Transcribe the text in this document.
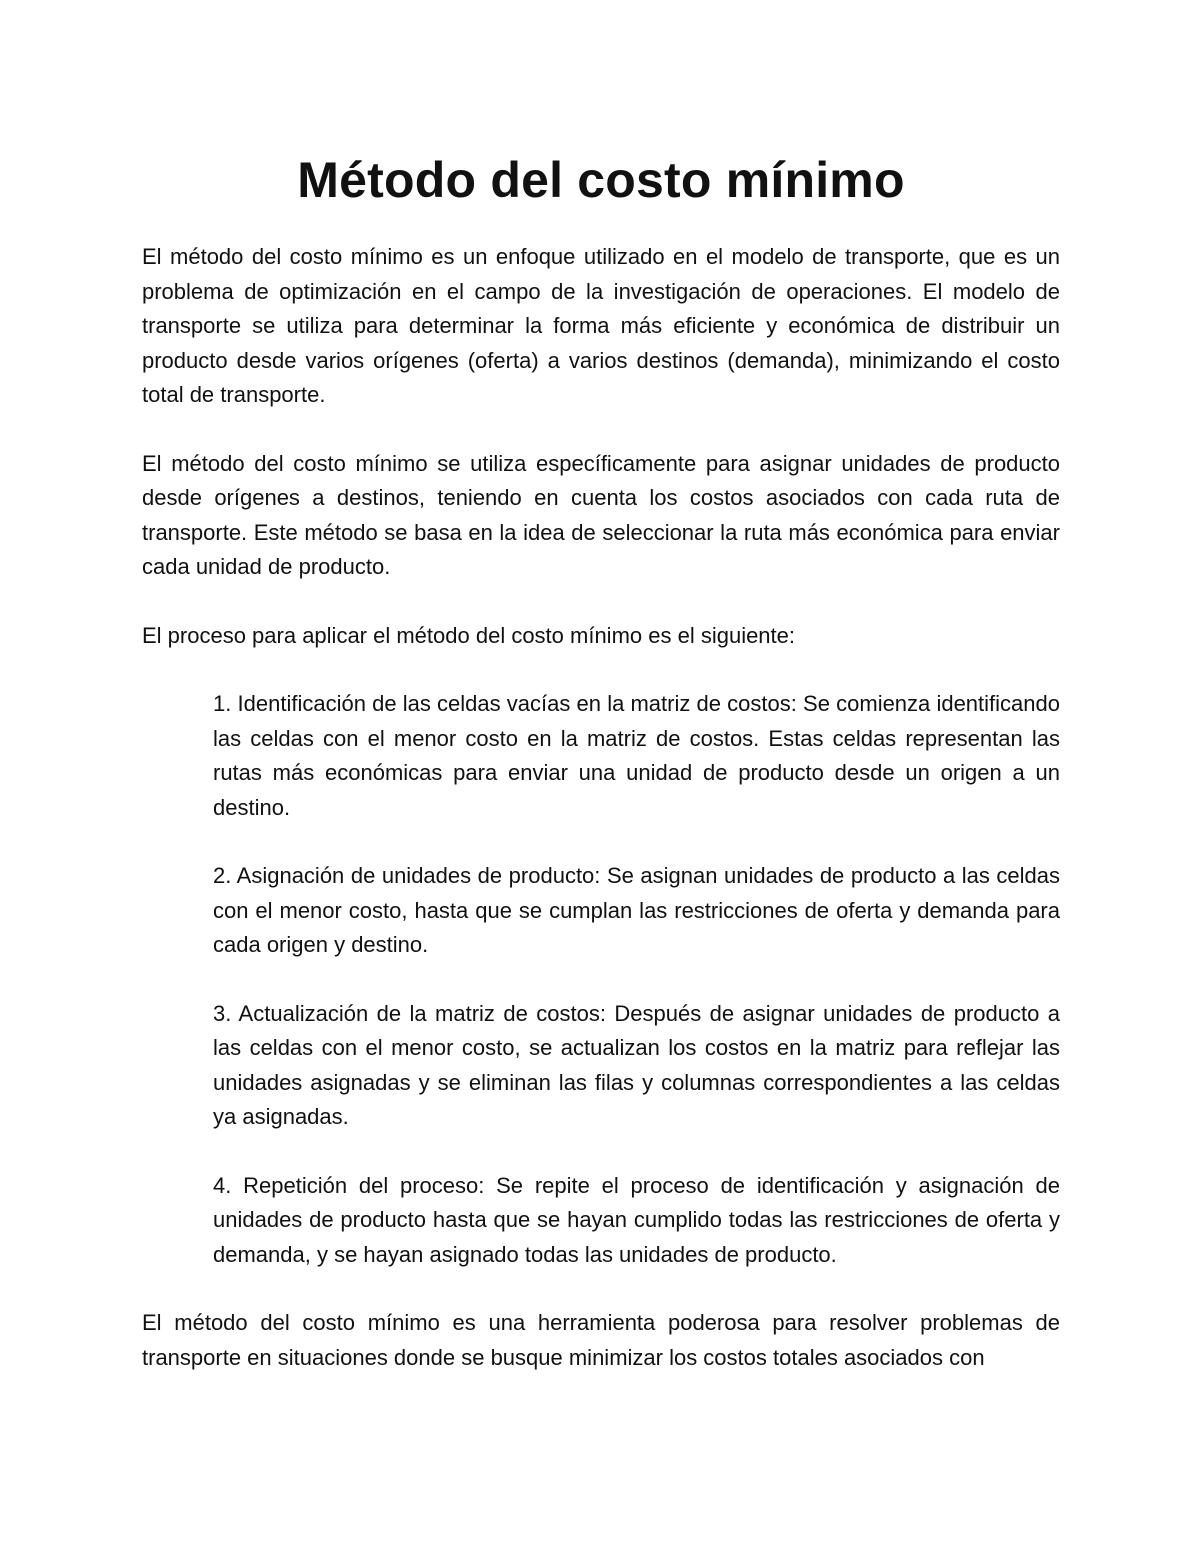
Método del costo mínimo

El método del costo mínimo es un enfoque utilizado en el modelo de transporte, que es un problema de optimización en el campo de la investigación de operaciones. El modelo de transporte se utiliza para determinar la forma más eficiente y económica de distribuir un producto desde varios orígenes (oferta) a varios destinos (demanda), minimizando el costo total de transporte.

El método del costo mínimo se utiliza específicamente para asignar unidades de producto desde orígenes a destinos, teniendo en cuenta los costos asociados con cada ruta de transporte. Este método se basa en la idea de seleccionar la ruta más económica para enviar cada unidad de producto.

El proceso para aplicar el método del costo mínimo es el siguiente:

1. Identificación de las celdas vacías en la matriz de costos: Se comienza identificando las celdas con el menor costo en la matriz de costos. Estas celdas representan las rutas más económicas para enviar una unidad de producto desde un origen a un destino.

2. Asignación de unidades de producto: Se asignan unidades de producto a las celdas con el menor costo, hasta que se cumplan las restricciones de oferta y demanda para cada origen y destino.

3. Actualización de la matriz de costos: Después de asignar unidades de producto a las celdas con el menor costo, se actualizan los costos en la matriz para reflejar las unidades asignadas y se eliminan las filas y columnas correspondientes a las celdas ya asignadas.

4. Repetición del proceso: Se repite el proceso de identificación y asignación de unidades de producto hasta que se hayan cumplido todas las restricciones de oferta y demanda, y se hayan asignado todas las unidades de producto.

El método del costo mínimo es una herramienta poderosa para resolver problemas de transporte en situaciones donde se busque minimizar los costos totales asociados con
